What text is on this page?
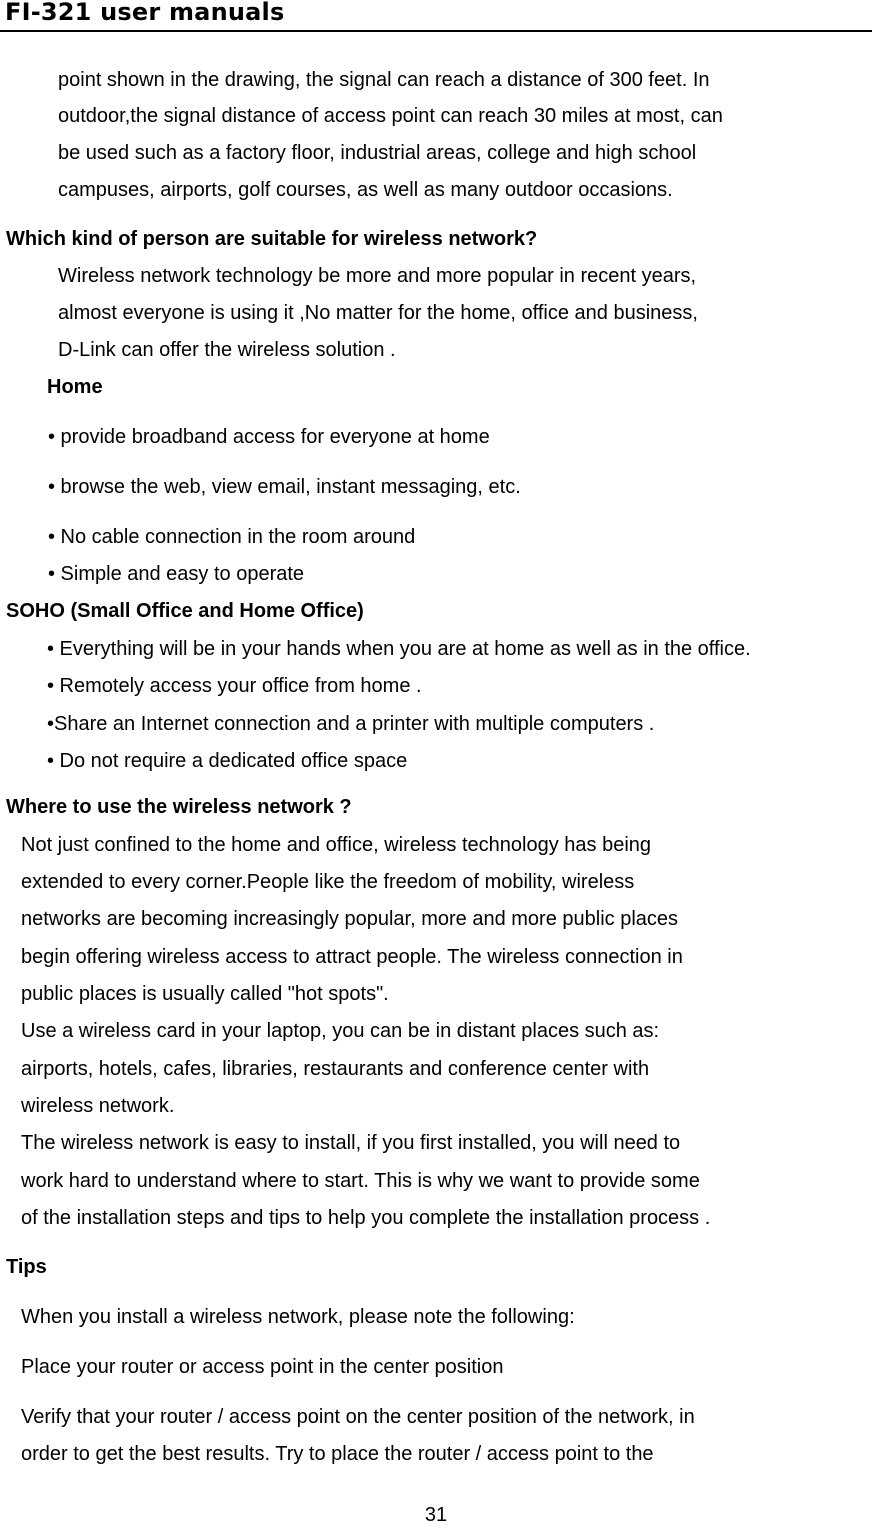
FI-321 user manuals
point shown in the drawing, the signal can reach a distance of 300 feet. In
outdoor,the signal distance of access point can reach 30 miles at most, can
be used such as a factory floor, industrial areas, college and high school
campuses, airports, golf courses, as well as many outdoor occasions.
Which kind of person are suitable for wireless network?
Wireless network technology be more and more popular in recent years,
almost everyone is using it ,No matter for the home, office and business,
D-Link can offer the wireless solution .
Home
• provide broadband access for everyone at home
• browse the web, view email, instant messaging, etc.
• No cable connection in the room around
• Simple and easy to operate
SOHO (Small Office and Home Office)
• Everything will be in your hands when you are at home as well as in the office.
• Remotely access your office from home .
•Share an Internet connection and a printer with multiple computers .
• Do not require a dedicated office space
Where to use the wireless network ?
Not just confined to the home and office, wireless technology has being
extended to every corner.People like the freedom of mobility, wireless
networks are becoming increasingly popular, more and more public places
begin offering wireless access to attract people. The wireless connection in
public places is usually called "hot spots".
Use a wireless card in your laptop, you can be in distant places such as:
airports, hotels, cafes, libraries, restaurants and conference center with
wireless network.
The wireless network is easy to install, if you first installed, you will need to
work hard to understand where to start. This is why we want to provide some
of the installation steps and tips to help you complete the installation process .
Tips
When you install a wireless network, please note the following:
Place your router or access point in the center position
Verify that your router / access point on the center position of the network, in
order to get the best results. Try to place the router / access point to the
31
